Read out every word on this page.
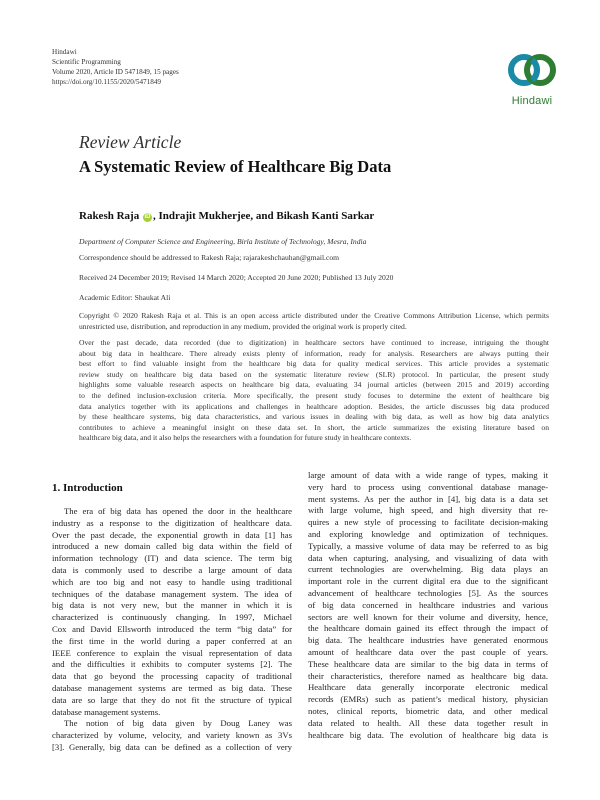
Hindawi
Scientific Programming
Volume 2020, Article ID 5471849, 15 pages
https://doi.org/10.1155/2020/5471849
Hindawi
Review Article
A Systematic Review of Healthcare Big Data
Rakesh Raja iD , Indrajit Mukherjee, and Bikash Kanti Sarkar
Department of Computer Science and Engineering, Birla Institute of Technology, Mesra, India
Correspondence should be addressed to Rakesh Raja; rajarakeshchauhan@gmail.com
Received 24 December 2019; Revised 14 March 2020; Accepted 20 June 2020; Published 13 July 2020
Academic Editor: Shaukat Ali
Copyright © 2020 Rakesh Raja et al. This is an open access article distributed under the Creative Commons Attribution License, which permits unrestricted use, distribution, and reproduction in any medium, provided the original work is properly cited.
Over the past decade, data recorded (due to digitization) in healthcare sectors have continued to increase, intriguing the thought
about big data in healthcare. There already exists plenty of information, ready for analysis. Researchers are always putting their
best effort to find valuable insight from the healthcare big data for quality medical services. This article provides a systematic
review study on healthcare big data based on the systematic literature review (SLR) protocol. In particular, the present study
highlights some valuable research aspects on healthcare big data, evaluating 34 journal articles (between 2015 and 2019) according
to the defined inclusion-exclusion criteria. More specifically, the present study focuses to determine the extent of healthcare big
data analytics together with its applications and challenges in healthcare adoption. Besides, the article discusses big data produced
by these healthcare systems, big data characteristics, and various issues in dealing with big data, as well as how big data analytics
contributes to achieve a meaningful insight on these data set. In short, the article summarizes the existing literature based on
healthcare big data, and it also helps the researchers with a foundation for future study in healthcare contexts.
1. Introduction
The era of big data has opened the door in the healthcare
industry as a response to the digitization of healthcare data.
Over the past decade, the exponential growth in data [1] has
introduced a new domain called big data within the field of
information technology (IT) and data science. The term big
data is commonly used to describe a large amount of data
which are too big and not easy to handle using traditional
techniques of the database management system. The idea of
big data is not very new, but the manner in which it is
characterized is continuously changing. In 1997, Michael
Cox and David Ellsworth introduced the term “big data” for
the first time in the world during a paper conferred at an
IEEE conference to explain the visual representation of data
and the difficulties it exhibits to computer systems [2]. The
data that go beyond the processing capacity of traditional
database management systems are termed as big data. These
data are so large that they do not fit the structure of typical
database management systems.
The notion of big data given by Doug Laney was
characterized by volume, velocity, and variety known as 3Vs
[3]. Generally, big data can be defined as a collection of very
large amount of data with a wide range of types, making it
very hard to process using conventional database manage-
ment systems. As per the author in [4], big data is a data set
with large volume, high speed, and high diversity that re-
quires a new style of processing to facilitate decision-making
and exploring knowledge and optimization of techniques.
Typically, a massive volume of data may be referred to as big
data when capturing, analysing, and visualizing of data with
current technologies are overwhelming. Big data plays an
important role in the current digital era due to the significant
advancement of healthcare technologies [5]. As the sources
of big data concerned in healthcare industries and various
sectors are well known for their volume and diversity, hence,
the healthcare domain gained its effect through the impact of
big data. The healthcare industries have generated enormous
amount of healthcare data over the past couple of years.
These healthcare data are similar to the big data in terms of
their characteristics, therefore named as healthcare big data.
Healthcare data generally incorporate electronic medical
records (EMRs) such as patient’s medical history, physician
notes, clinical reports, biometric data, and other medical
data related to health. All these data together result in
healthcare big data. The evolution of healthcare big data is
